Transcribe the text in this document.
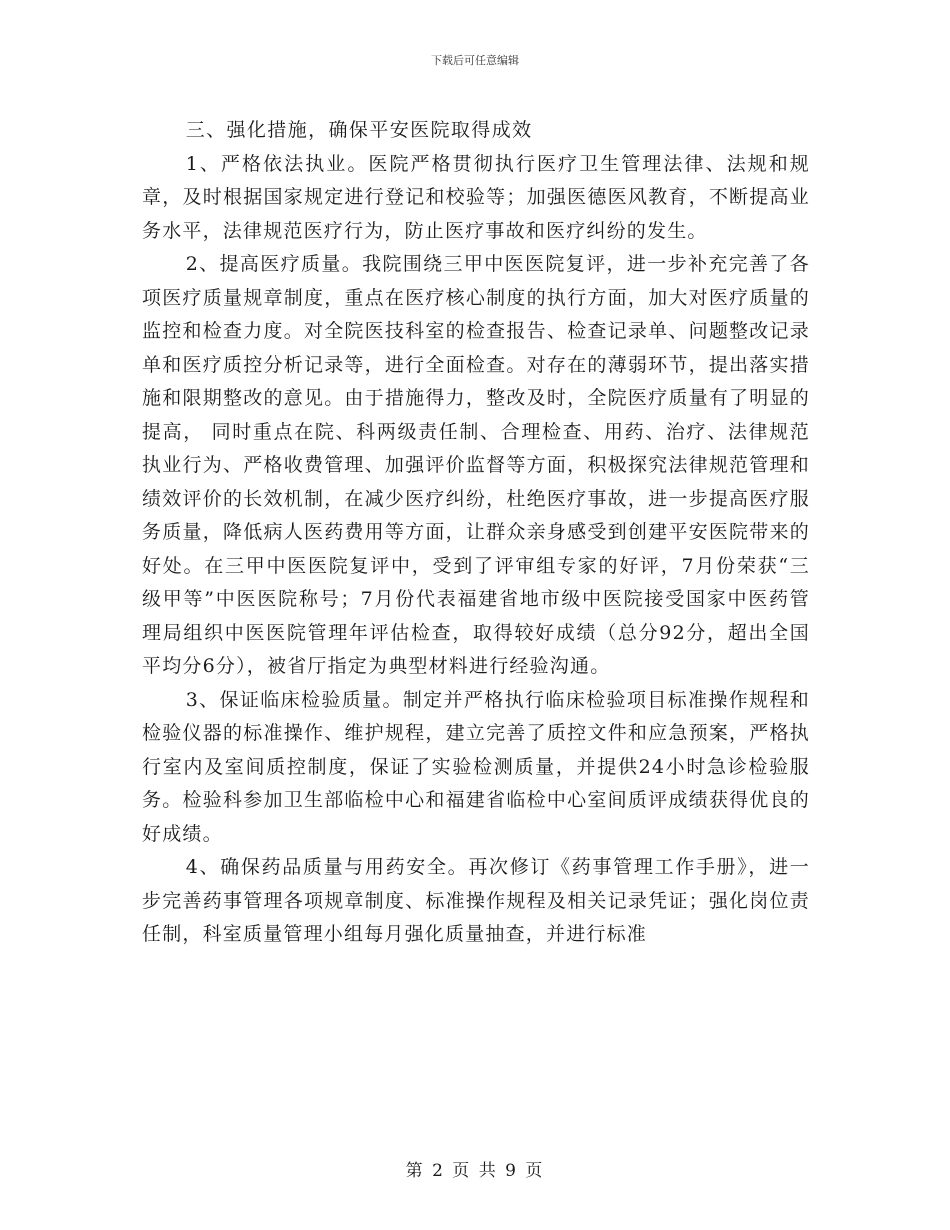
下载后可任意编辑

三、强化措施，确保平安医院取得成效

1、严格依法执业。医院严格贯彻执行医疗卫生管理法律、法规和规章，及时根据国家规定进行登记和校验等；加强医德医风教育，不断提高业务水平，法律规范医疗行为，防止医疗事故和医疗纠纷的发生。

2、提高医疗质量。我院围绕三甲中医医院复评，进一步补充完善了各项医疗质量规章制度，重点在医疗核心制度的执行方面，加大对医疗质量的监控和检查力度。对全院医技科室的检查报告、检查记录单、问题整改记录单和医疗质控分析记录等，进行全面检查。对存在的薄弱环节，提出落实措施和限期整改的意见。由于措施得力，整改及时，全院医疗质量有了明显的提高， 同时重点在院、科两级责任制、合理检查、用药、治疗、法律规范执业行为、严格收费管理、加强评价监督等方面，积极探究法律规范管理和绩效评价的长效机制，在减少医疗纠纷，杜绝医疗事故，进一步提高医疗服务质量，降低病人医药费用等方面，让群众亲身感受到创建平安医院带来的好处。在三甲中医医院复评中，受到了评审组专家的好评，7月份荣获“三级甲等”中医医院称号；7月份代表福建省地市级中医院接受国家中医药管理局组织中医医院管理年评估检查，取得较好成绩（总分92分，超出全国平均分6分），被省厅指定为典型材料进行经验沟通。

3、保证临床检验质量。制定并严格执行临床检验项目标准操作规程和检验仪器的标准操作、维护规程，建立完善了质控文件和应急预案，严格执行室内及室间质控制度，保证了实验检测质量，并提供24小时急诊检验服务。检验科参加卫生部临检中心和福建省临检中心室间质评成绩获得优良的好成绩。

4、确保药品质量与用药安全。再次修订《药事管理工作手册》，进一步完善药事管理各项规章制度、标准操作规程及相关记录凭证；强化岗位责任制，科室质量管理小组每月强化质量抽查，并进行标准

第 2 页 共 9 页
